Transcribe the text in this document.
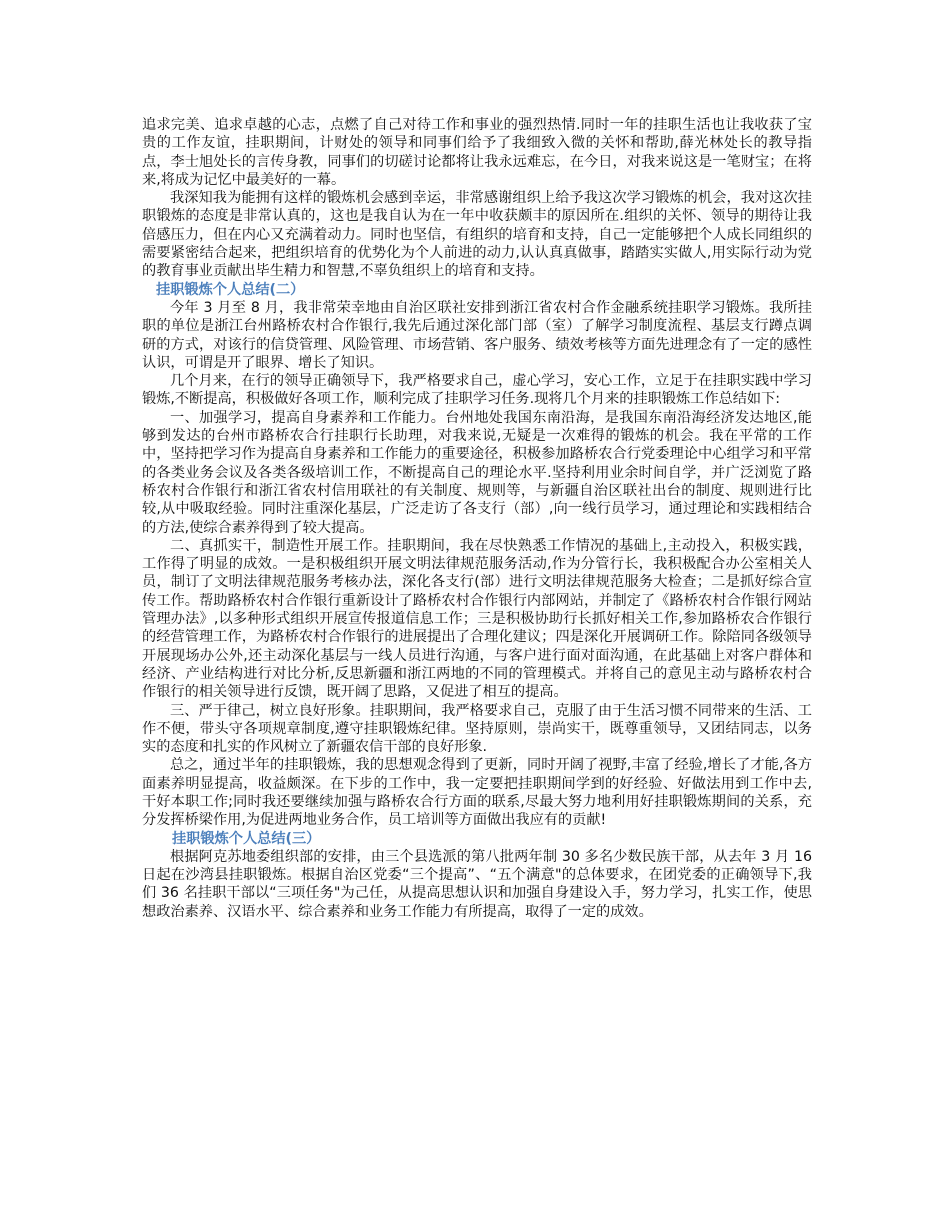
追求完美、追求卓越的心志，点燃了自己对待工作和事业的强烈热情.同时一年的挂职生活也让我收获了宝贵的工作友谊，挂职期间，计财处的领导和同事们给予了我细致入微的关怀和帮助,薛光林处长的教导指点，李士旭处长的言传身教，同事们的切磋讨论都将让我永远难忘，在今日，对我来说这是一笔财宝；在将来,将成为记忆中最美好的一幕。

我深知我为能拥有这样的锻炼机会感到幸运，非常感谢组织上给予我这次学习锻炼的机会，我对这次挂职锻炼的态度是非常认真的，这也是我自认为在一年中收获颇丰的原因所在.组织的关怀、领导的期待让我倍感压力，但在内心又充满着动力。同时也坚信，有组织的培育和支持，自己一定能够把个人成长同组织的需要紧密结合起来，把组织培育的优势化为个人前进的动力,认认真真做事，踏踏实实做人,用实际行动为党的教育事业贡献出毕生精力和智慧,不辜负组织上的培育和支持。

挂职锻炼个人总结(二）

今年 3 月至 8 月，我非常荣幸地由自治区联社安排到浙江省农村合作金融系统挂职学习锻炼。我所挂职的单位是浙江台州路桥农村合作银行,我先后通过深化部门部（室）了解学习制度流程、基层支行蹲点调研的方式，对该行的信贷管理、风险管理、市场营销、客户服务、绩效考核等方面先进理念有了一定的感性认识，可谓是开了眼界、增长了知识。

几个月来，在行的领导正确领导下，我严格要求自己，虚心学习，安心工作，立足于在挂职实践中学习锻炼,不断提高，积极做好各项工作，顺利完成了挂职学习任务.现将几个月来的挂职锻炼工作总结如下:

一、加强学习，提高自身素养和工作能力。台州地处我国东南沿海，是我国东南沿海经济发达地区,能够到发达的台州市路桥农合行挂职行长助理，对我来说,无疑是一次难得的锻炼的机会。我在平常的工作中，坚持把学习作为提高自身素养和工作能力的重要途径，积极参加路桥农合行党委理论中心组学习和平常的各类业务会议及各类各级培训工作，不断提高自己的理论水平.坚持利用业余时间自学，并广泛浏览了路桥农村合作银行和浙江省农村信用联社的有关制度、规则等，与新疆自治区联社出台的制度、规则进行比较,从中吸取经验。同时注重深化基层，广泛走访了各支行（部）,向一线行员学习，通过理论和实践相结合的方法,使综合素养得到了较大提高。

二、真抓实干，制造性开展工作。挂职期间，我在尽快熟悉工作情况的基础上,主动投入，积极实践，工作得了明显的成效。一是积极组织开展文明法律规范服务活动,作为分管行长，我积极配合办公室相关人员，制订了文明法律规范服务考核办法，深化各支行(部）进行文明法律规范服务大检查；二是抓好综合宣传工作。帮助路桥农村合作银行重新设计了路桥农村合作银行内部网站，并制定了《路桥农村合作银行网站管理办法》,以多种形式组织开展宣传报道信息工作；三是积极协助行长抓好相关工作,参加路桥农合作银行的经营管理工作，为路桥农村合作银行的进展提出了合理化建议；四是深化开展调研工作。除陪同各级领导开展现场办公外,还主动深化基层与一线人员进行沟通，与客户进行面对面沟通，在此基础上对客户群体和经济、产业结构进行对比分析,反思新疆和浙江两地的不同的管理模式。并将自己的意见主动与路桥农村合作银行的相关领导进行反馈，既开阔了思路，又促进了相互的提高。

三、严于律己，树立良好形象。挂职期间，我严格要求自己，克服了由于生活习惯不同带来的生活、工作不便，带头守各项规章制度,遵守挂职锻炼纪律。坚持原则，崇尚实干，既尊重领导，又团结同志，以务实的态度和扎实的作风树立了新疆农信干部的良好形象.

总之，通过半年的挂职锻炼，我的思想观念得到了更新，同时开阔了视野,丰富了经验,增长了才能,各方面素养明显提高，收益颇深。在下步的工作中，我一定要把挂职期间学到的好经验、好做法用到工作中去,干好本职工作;同时我还要继续加强与路桥农合行方面的联系,尽最大努力地利用好挂职锻炼期间的关系，充分发挥桥梁作用,为促进两地业务合作，员工培训等方面做出我应有的贡献!

挂职锻炼个人总结(三）

根据阿克苏地委组织部的安排，由三个县选派的第八批两年制 30 多名少数民族干部，从去年 3 月 16 日起在沙湾县挂职锻炼。根据自治区党委“三个提高”、“五个满意"的总体要求，在团党委的正确领导下,我们 36 名挂职干部以“三项任务"为己任，从提高思想认识和加强自身建设入手，努力学习，扎实工作，使思想政治素养、汉语水平、综合素养和业务工作能力有所提高，取得了一定的成效。
